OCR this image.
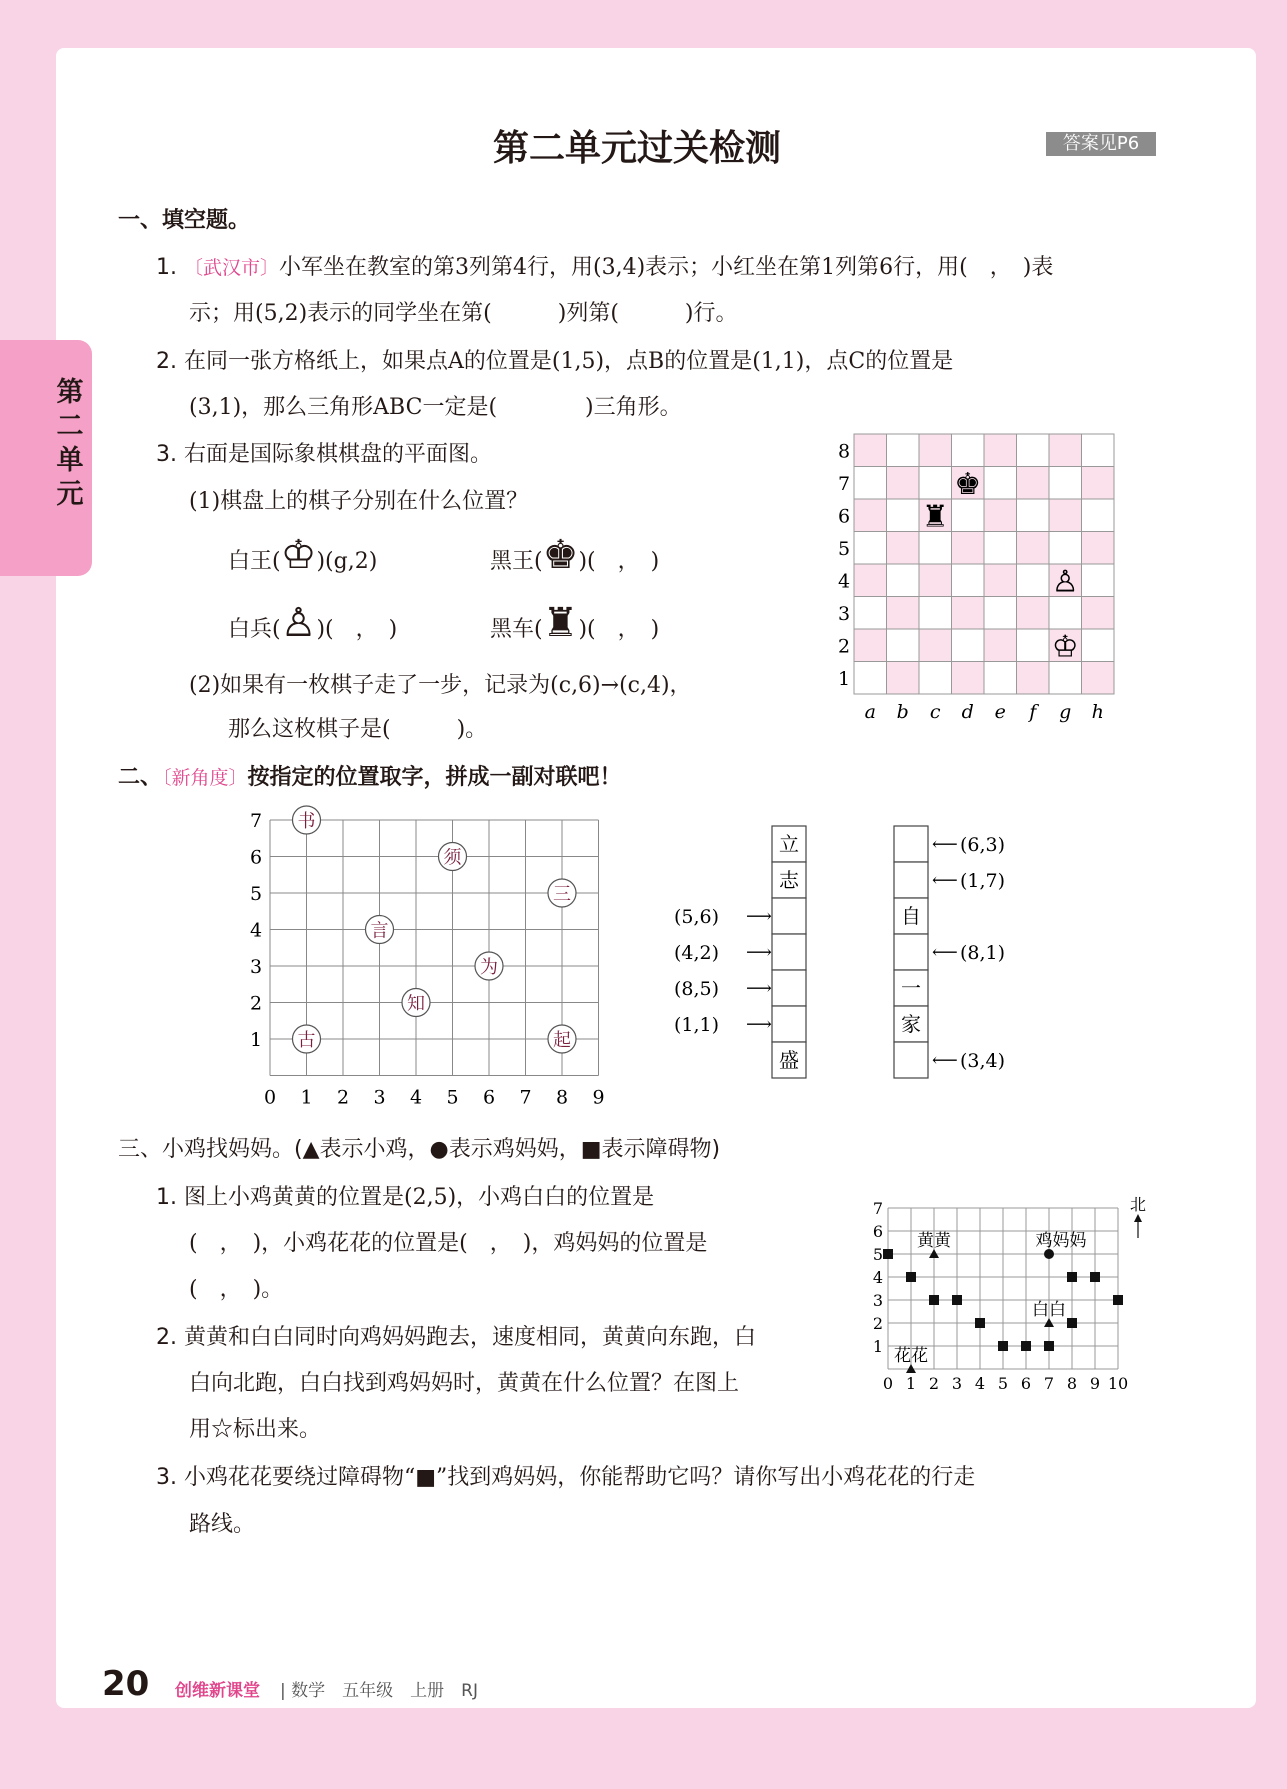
第二单元
第二单元过关检测	答案见P6
一、填空题。
1. 〔武汉市〕小军坐在教室的第3列第4行，用(3,4)表示；小红坐在第1列第6行，用(　，　)表
示；用(5,2)表示的同学坐在第(　　　)列第(　　　)行。
2. 在同一张方格纸上，如果点A的位置是(1,5)，点B的位置是(1,1)，点C的位置是
(3,1)，那么三角形ABC一定是(　　　　)三角形。
3. 右面是国际象棋棋盘的平面图。
(1)棋盘上的棋子分别在什么位置？
白王(♔)(g,2)	黑王(♚)(　，　)
白兵(♙)(　，　)	黑车(♜)(　，　)
(2)如果有一枚棋子走了一步，记录为(c,6)→(c,4)，
那么这枚棋子是(　　　)。
1
2
3
4
5
6
7
8
a b c d e f g h
♔
♚
♙
♜
二、〔新角度〕按指定的位置取字，拼成一副对联吧！
0 1 2 3 4 5 6 7 8 9
1
2
3
4
5
6
7 书
须
三
言
为
知
古	起
立
志
盛
(5,6) ⟶
(4,2) ⟶
(8,5) ⟶
(1,1) ⟶
自
一
家
⟵ (6,3)
⟵ (1,7)
⟵ (8,1)
⟵ (3,4)
三、小鸡找妈妈。(▲表示小鸡，●表示鸡妈妈，■表示障碍物)
1. 图上小鸡黄黄的位置是(2,5)，小鸡白白的位置是
(　，　)，小鸡花花的位置是(　，　)，鸡妈妈的位置是
(　，　)。
2. 黄黄和白白同时向鸡妈妈跑去，速度相同，黄黄向东跑，白
白向北跑，白白找到鸡妈妈时，黄黄在什么位置？在图上
用☆标出来。
3. 小鸡花花要绕过障碍物“■”找到鸡妈妈，你能帮助它吗？请你写出小鸡花花的行走
路线。
0 1 2 3 4 5 6 7 8 9 10
1
2
3
4
5
6
7
黄黄
白白
花花
鸡妈妈
北
20 创维新课堂 | 数学　五年级　上册　RJ
